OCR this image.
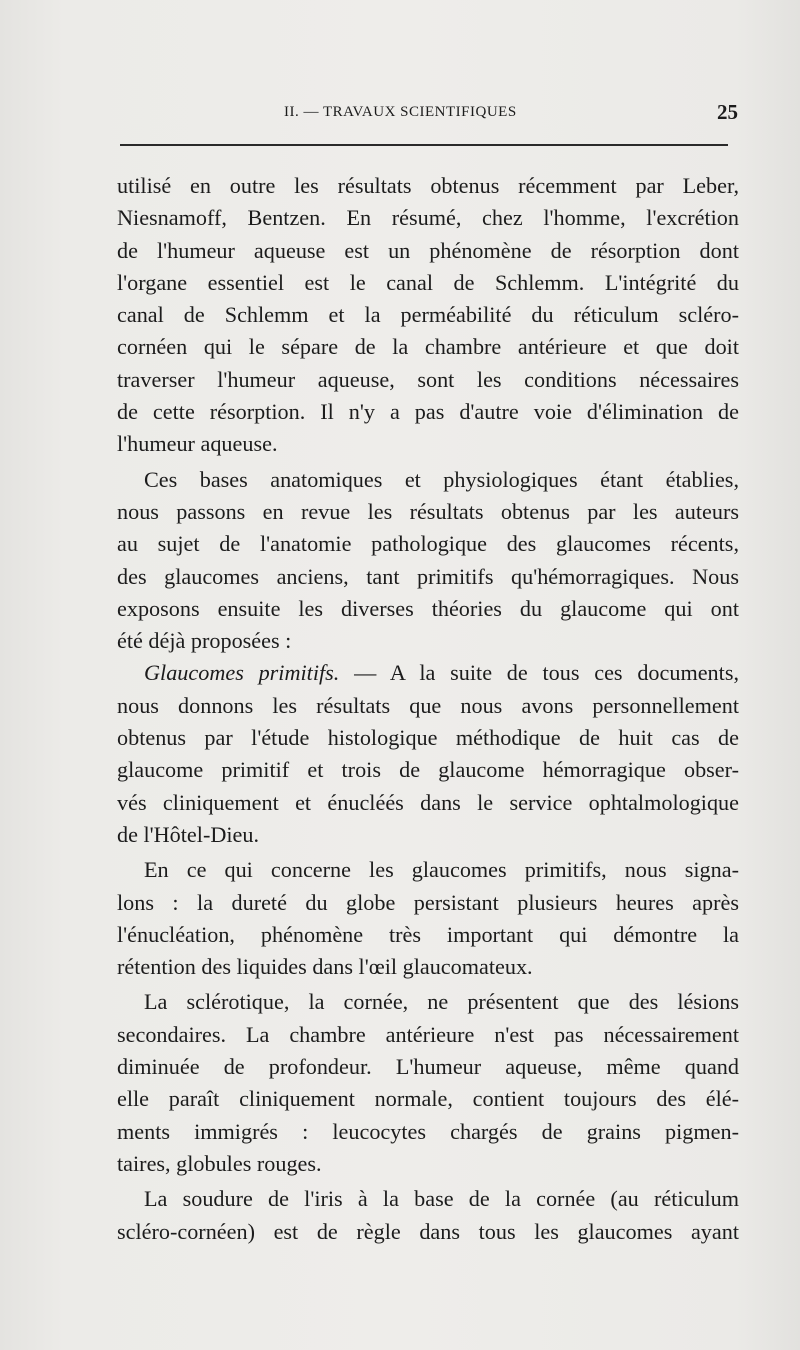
II. — TRAVAUX SCIENTIFIQUES	25
utilisé en outre les résultats obtenus récemment par Leber,
Niesnamoff, Bentzen. En résumé, chez l'homme, l'excrétion
de l'humeur aqueuse est un phénomène de résorption dont
l'organe essentiel est le canal de Schlemm. L'intégrité du
canal de Schlemm et la perméabilité du réticulum scléro-
cornéen qui le sépare de la chambre antérieure et que doit
traverser l'humeur aqueuse, sont les conditions nécessaires
de cette résorption. Il n'y a pas d'autre voie d'élimination de
l'humeur aqueuse.
Ces bases anatomiques et physiologiques étant établies,
nous passons en revue les résultats obtenus par les auteurs
au sujet de l'anatomie pathologique des glaucomes récents,
des glaucomes anciens, tant primitifs qu'hémorragiques. Nous
exposons ensuite les diverses théories du glaucome qui ont
été déjà proposées :
Glaucomes primitifs. — A la suite de tous ces documents,
nous donnons les résultats que nous avons personnellement
obtenus par l'étude histologique méthodique de huit cas de
glaucome primitif et trois de glaucome hémorragique obser-
vés cliniquement et énucléés dans le service ophtalmologique
de l'Hôtel-Dieu.
En ce qui concerne les glaucomes primitifs, nous signa-
lons : la dureté du globe persistant plusieurs heures après
l'énucléation, phénomène très important qui démontre la
rétention des liquides dans l'œil glaucomateux.
La sclérotique, la cornée, ne présentent que des lésions
secondaires. La chambre antérieure n'est pas nécessairement
diminuée de profondeur. L'humeur aqueuse, même quand
elle paraît cliniquement normale, contient toujours des élé-
ments immigrés : leucocytes chargés de grains pigmen-
taires, globules rouges.
La soudure de l'iris à la base de la cornée (au réticulum
scléro-cornéen) est de règle dans tous les glaucomes ayant
